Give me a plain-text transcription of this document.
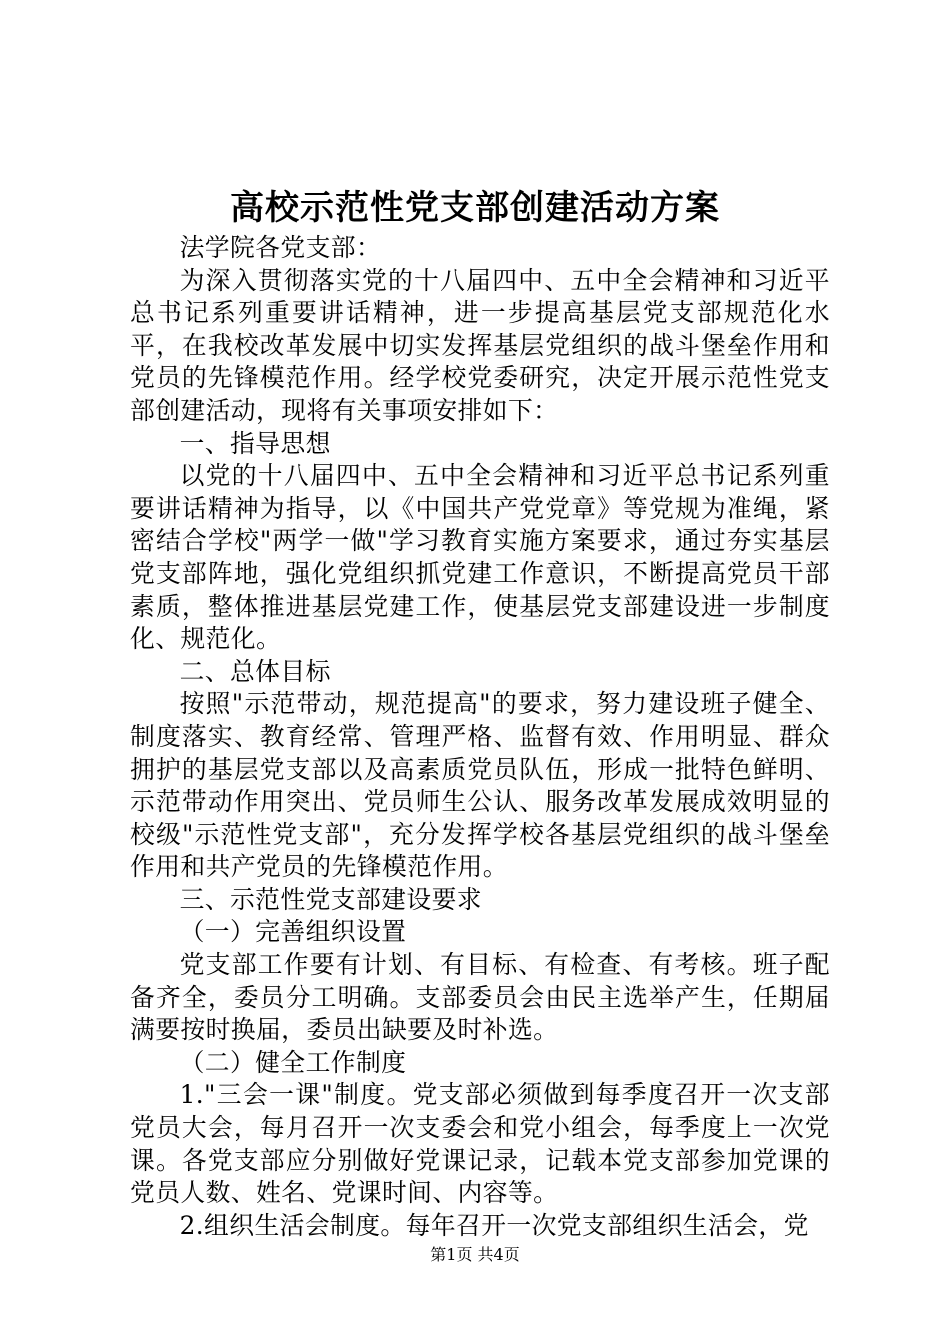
高校示范性党支部创建活动方案

法学院各党支部：

为深入贯彻落实党的十八届四中、五中全会精神和习近平总书记系列重要讲话精神，进一步提高基层党支部规范化水平，在我校改革发展中切实发挥基层党组织的战斗堡垒作用和党员的先锋模范作用。经学校党委研究，决定开展示范性党支部创建活动，现将有关事项安排如下：

一、指导思想

以党的十八届四中、五中全会精神和习近平总书记系列重要讲话精神为指导，以《中国共产党党章》等党规为准绳，紧密结合学校"两学一做"学习教育实施方案要求，通过夯实基层党支部阵地，强化党组织抓党建工作意识，不断提高党员干部素质，整体推进基层党建工作，使基层党支部建设进一步制度化、规范化。

二、总体目标

按照"示范带动，规范提高"的要求，努力建设班子健全、制度落实、教育经常、管理严格、监督有效、作用明显、群众拥护的基层党支部以及高素质党员队伍，形成一批特色鲜明、示范带动作用突出、党员师生公认、服务改革发展成效明显的校级"示范性党支部"，充分发挥学校各基层党组织的战斗堡垒作用和共产党员的先锋模范作用。

三、示范性党支部建设要求

（一）完善组织设置

党支部工作要有计划、有目标、有检查、有考核。班子配备齐全，委员分工明确。支部委员会由民主选举产生，任期届满要按时换届，委员出缺要及时补选。

（二）健全工作制度

1."三会一课"制度。党支部必须做到每季度召开一次支部党员大会，每月召开一次支委会和党小组会，每季度上一次党课。各党支部应分别做好党课记录，记载本党支部参加党课的党员人数、姓名、党课时间、内容等。

2.组织生活会制度。每年召开一次党支部组织生活会，党

第1页 共4页
